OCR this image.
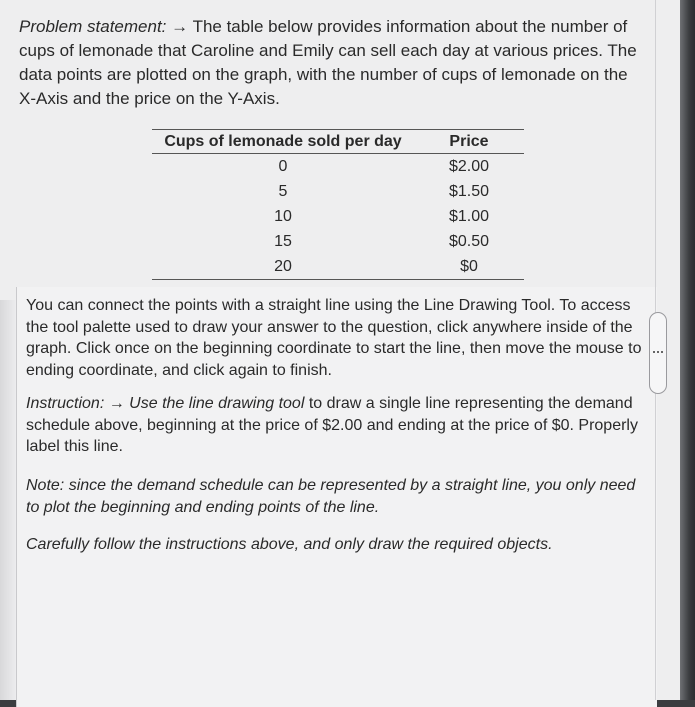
Problem statement: → The table below provides information about the number of cups of lemonade that Caroline and Emily can sell each day at various prices. The data points are plotted on the graph, with the number of cups of lemonade on the X-Axis and the price on the Y-Axis.

Cups of lemonade sold per day	Price
0	$2.00
5	$1.50
10	$1.00
15	$0.50
20	$0

You can connect the points with a straight line using the Line Drawing Tool. To access the tool palette used to draw your answer to the question, click anywhere inside of the graph. Click once on the beginning coordinate to start the line, then move the mouse to ending coordinate, and click again to finish.

Instruction: → Use the line drawing tool to draw a single line representing the demand schedule above, beginning at the price of $2.00 and ending at the price of $0. Properly label this line.

Note: since the demand schedule can be represented by a straight line, you only need to plot the beginning and ending points of the line.

Carefully follow the instructions above, and only draw the required objects.
